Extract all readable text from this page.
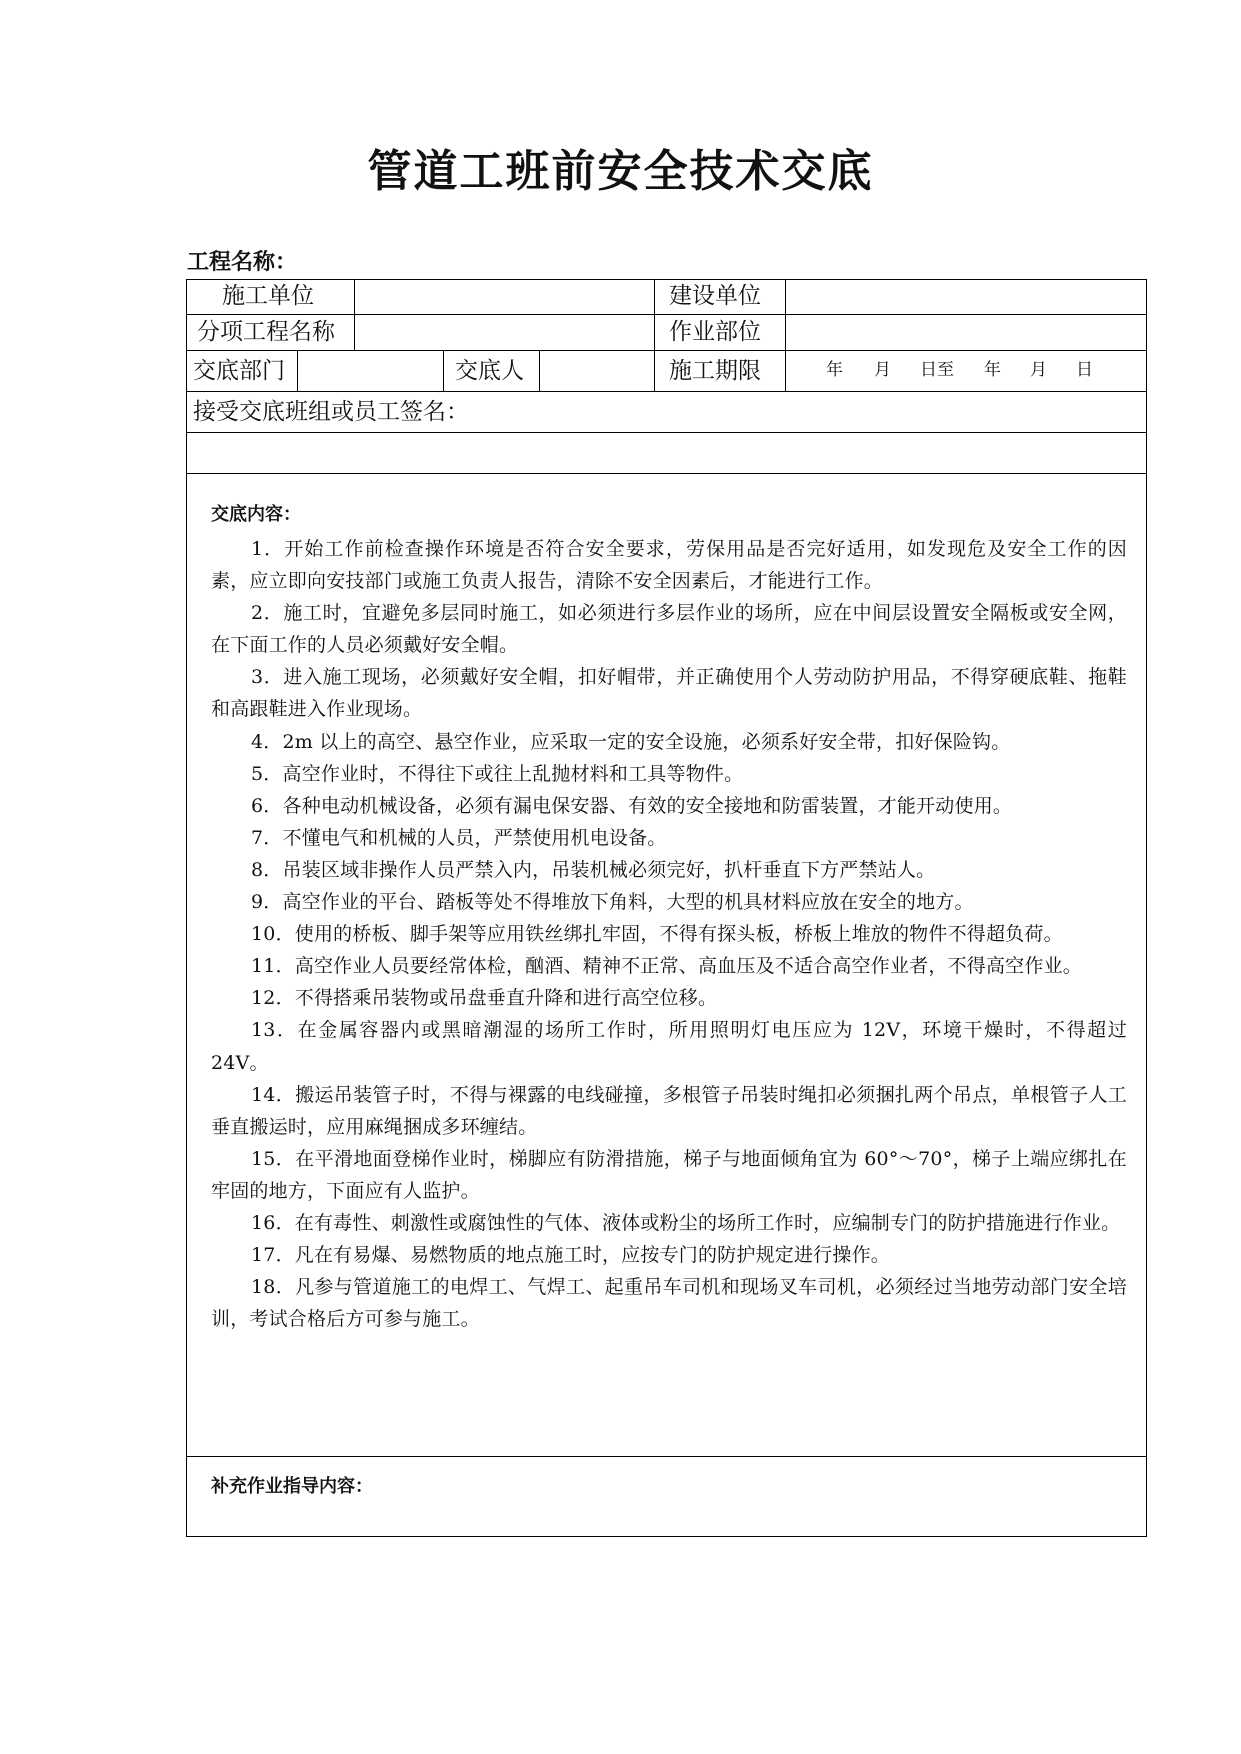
管道工班前安全技术交底
工程名称：
施工单位	建设单位
分项工程名称	作业部位
交底部门	交底人	施工期限	年 月 日至 年 月 日
接受交底班组或员工签名：
交底内容：

1．开始工作前检查操作环境是否符合安全要求，劳保用品是否完好适用，如发现危及安全工作的因素，应立即向安技部门或施工负责人报告，清除不安全因素后，才能进行工作。

2．施工时，宜避免多层同时施工，如必须进行多层作业的场所，应在中间层设置安全隔板或安全网，在下面工作的人员必须戴好安全帽。

3．进入施工现场，必须戴好安全帽，扣好帽带，并正确使用个人劳动防护用品，不得穿硬底鞋、拖鞋和高跟鞋进入作业现场。

4．2m 以上的高空、悬空作业，应采取一定的安全设施，必须系好安全带，扣好保险钩。

5．高空作业时，不得往下或往上乱抛材料和工具等物件。

6．各种电动机械设备，必须有漏电保安器、有效的安全接地和防雷装置，才能开动使用。

7．不懂电气和机械的人员，严禁使用机电设备。

8．吊装区域非操作人员严禁入内，吊装机械必须完好，扒杆垂直下方严禁站人。

9．高空作业的平台、踏板等处不得堆放下角料，大型的机具材料应放在安全的地方。

10．使用的桥板、脚手架等应用铁丝绑扎牢固，不得有探头板，桥板上堆放的物件不得超负荷。

11．高空作业人员要经常体检，酗酒、精神不正常、高血压及不适合高空作业者，不得高空作业。

12．不得搭乘吊装物或吊盘垂直升降和进行高空位移。

13．在金属容器内或黑暗潮湿的场所工作时，所用照明灯电压应为 12V，环境干燥时，不得超过 24V。

14．搬运吊装管子时，不得与裸露的电线碰撞，多根管子吊装时绳扣必须捆扎两个吊点，单根管子人工垂直搬运时，应用麻绳捆成多环缠结。

15．在平滑地面登梯作业时，梯脚应有防滑措施，梯子与地面倾角宜为 60°～70°，梯子上端应绑扎在牢固的地方，下面应有人监护。

16．在有毒性、刺激性或腐蚀性的气体、液体或粉尘的场所工作时，应编制专门的防护措施进行作业。

17．凡在有易爆、易燃物质的地点施工时，应按专门的防护规定进行操作。

18．凡参与管道施工的电焊工、气焊工、起重吊车司机和现场叉车司机，必须经过当地劳动部门安全培训，考试合格后方可参与施工。

补充作业指导内容：
